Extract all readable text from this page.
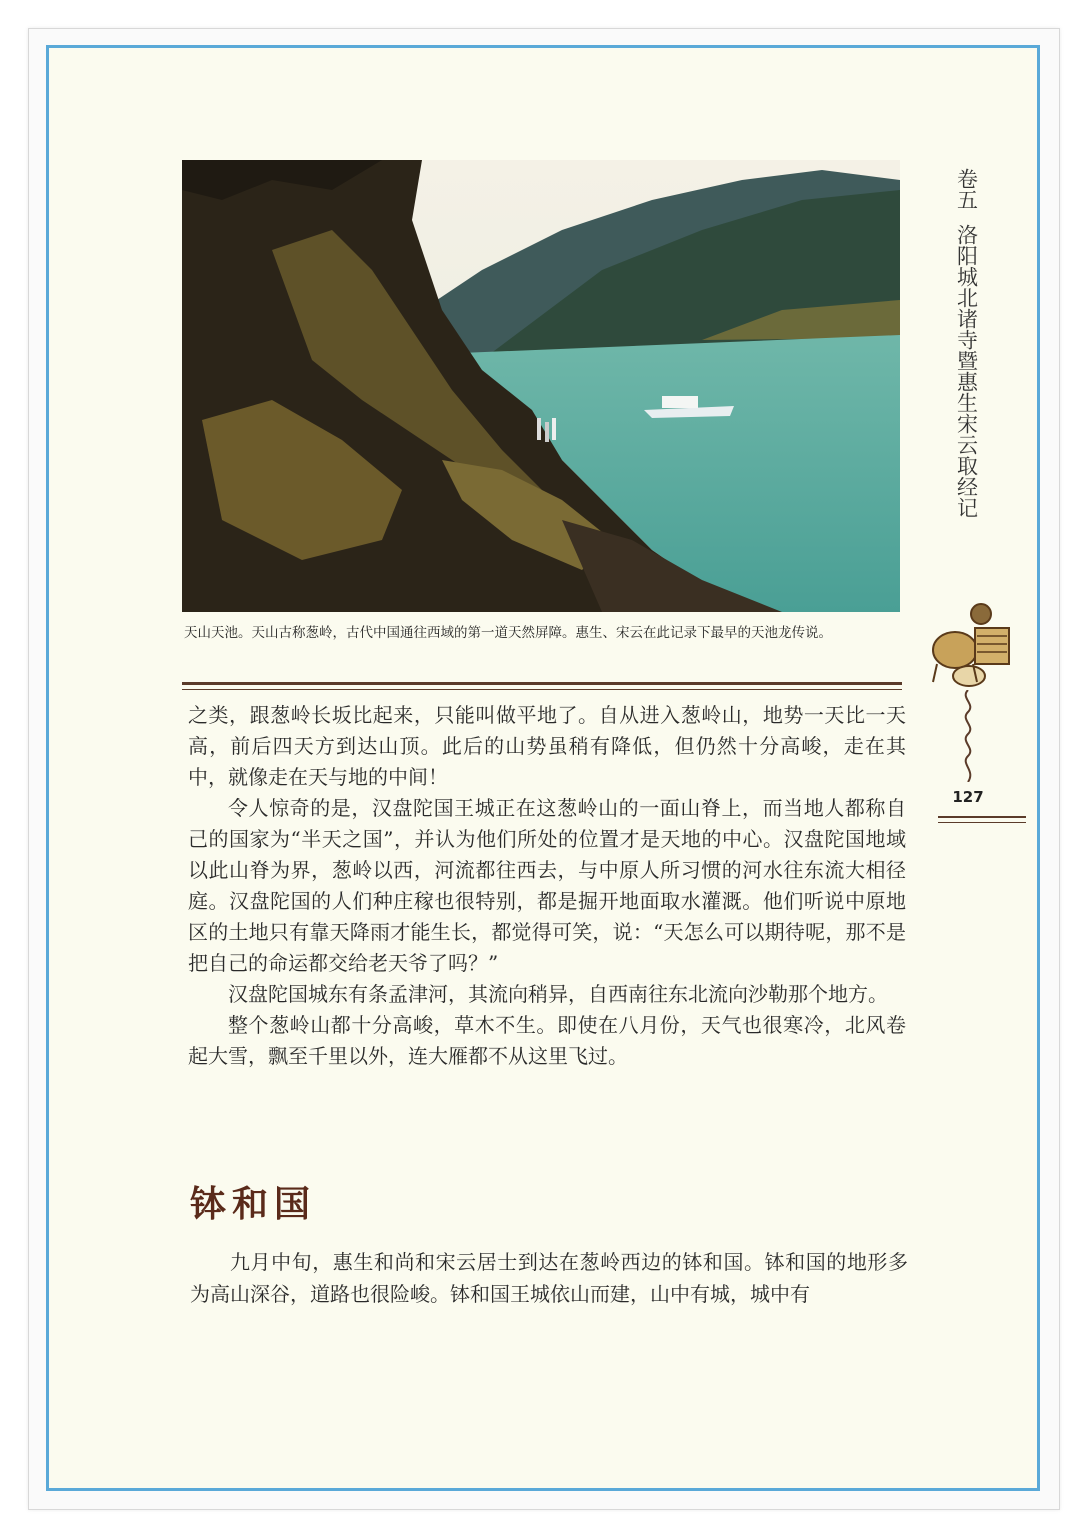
天山天池。天山古称葱岭，古代中国通往西域的第一道天然屏障。惠生、宋云在此记录下最早的天池龙传说。

之类，跟葱岭长坂比起来，只能叫做平地了。自从进入葱岭山，地势一天比一天高，前后四天方到达山顶。此后的山势虽稍有降低，但仍然十分高峻，走在其中，就像走在天与地的中间！

令人惊奇的是，汉盘陀国王城正在这葱岭山的一面山脊上，而当地人都称自己的国家为“半天之国”，并认为他们所处的位置才是天地的中心。汉盘陀国地域以此山脊为界，葱岭以西，河流都往西去，与中原人所习惯的河水往东流大相径庭。汉盘陀国的人们种庄稼也很特别，都是掘开地面取水灌溉。他们听说中原地区的土地只有靠天降雨才能生长，都觉得可笑，说：“天怎么可以期待呢，那不是把自己的命运都交给老天爷了吗？”

汉盘陀国城东有条孟津河，其流向稍异，自西南往东北流向沙勒那个地方。

整个葱岭山都十分高峻，草木不生。即使在八月份，天气也很寒冷，北风卷起大雪，飘至千里以外，连大雁都不从这里飞过。

钵和国

九月中旬，惠生和尚和宋云居士到达在葱岭西边的钵和国。钵和国的地形多为高山深谷，道路也很险峻。钵和国王城依山而建，山中有城，城中有

卷五
洛阳城北诸寺暨惠生宋云取经记
127
